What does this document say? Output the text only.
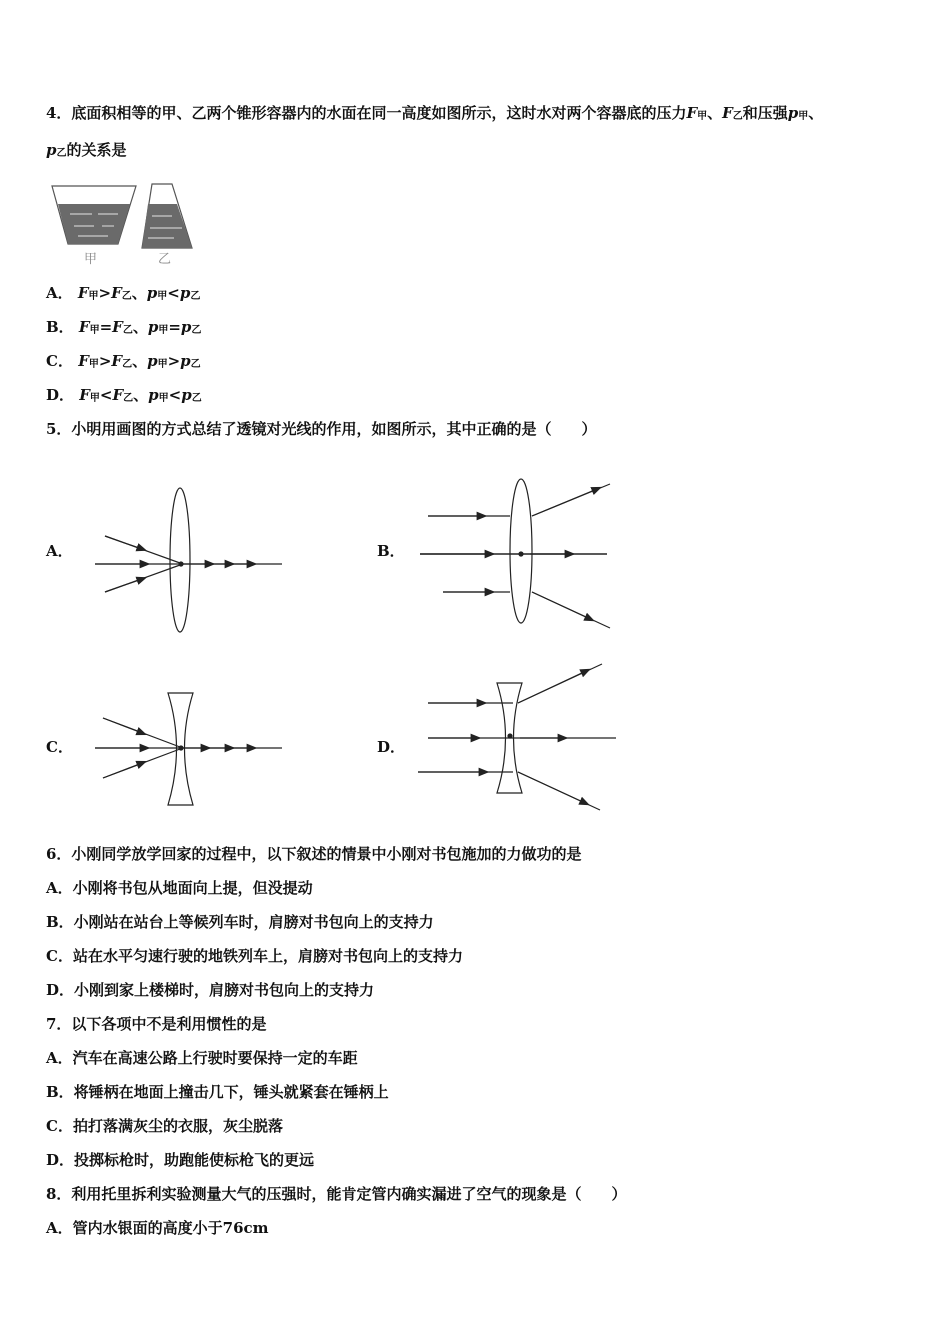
4．底面积相等的甲、乙两个锥形容器内的水面在同一高度如图所示，这时水对两个容器底的压力F甲、F乙和压强p甲、
p乙的关系是
甲	乙
A． F甲>F乙、p甲<p乙
B． F甲=F乙、p甲=p乙
C． F甲>F乙、p甲>p乙
D． F甲<F乙、p甲<p乙
5．小明用画图的方式总结了透镜对光线的作用，如图所示，其中正确的是（　　）
A．	B．
C．	D．
6．小刚同学放学回家的过程中，以下叙述的情景中小刚对书包施加的力做功的是
A．小刚将书包从地面向上提，但没提动
B．小刚站在站台上等候列车时，肩膀对书包向上的支持力
C．站在水平匀速行驶的地铁列车上，肩膀对书包向上的支持力
D．小刚到家上楼梯时，肩膀对书包向上的支持力
7．以下各项中不是利用惯性的是
A．汽车在高速公路上行驶时要保持一定的车距
B．将锤柄在地面上撞击几下，锤头就紧套在锤柄上
C．拍打落满灰尘的衣服，灰尘脱落
D．投掷标枪时，助跑能使标枪飞的更远
8．利用托里拆利实验测量大气的压强时，能肯定管内确实漏进了空气的现象是（　　）
A．管内水银面的高度小于76cm
